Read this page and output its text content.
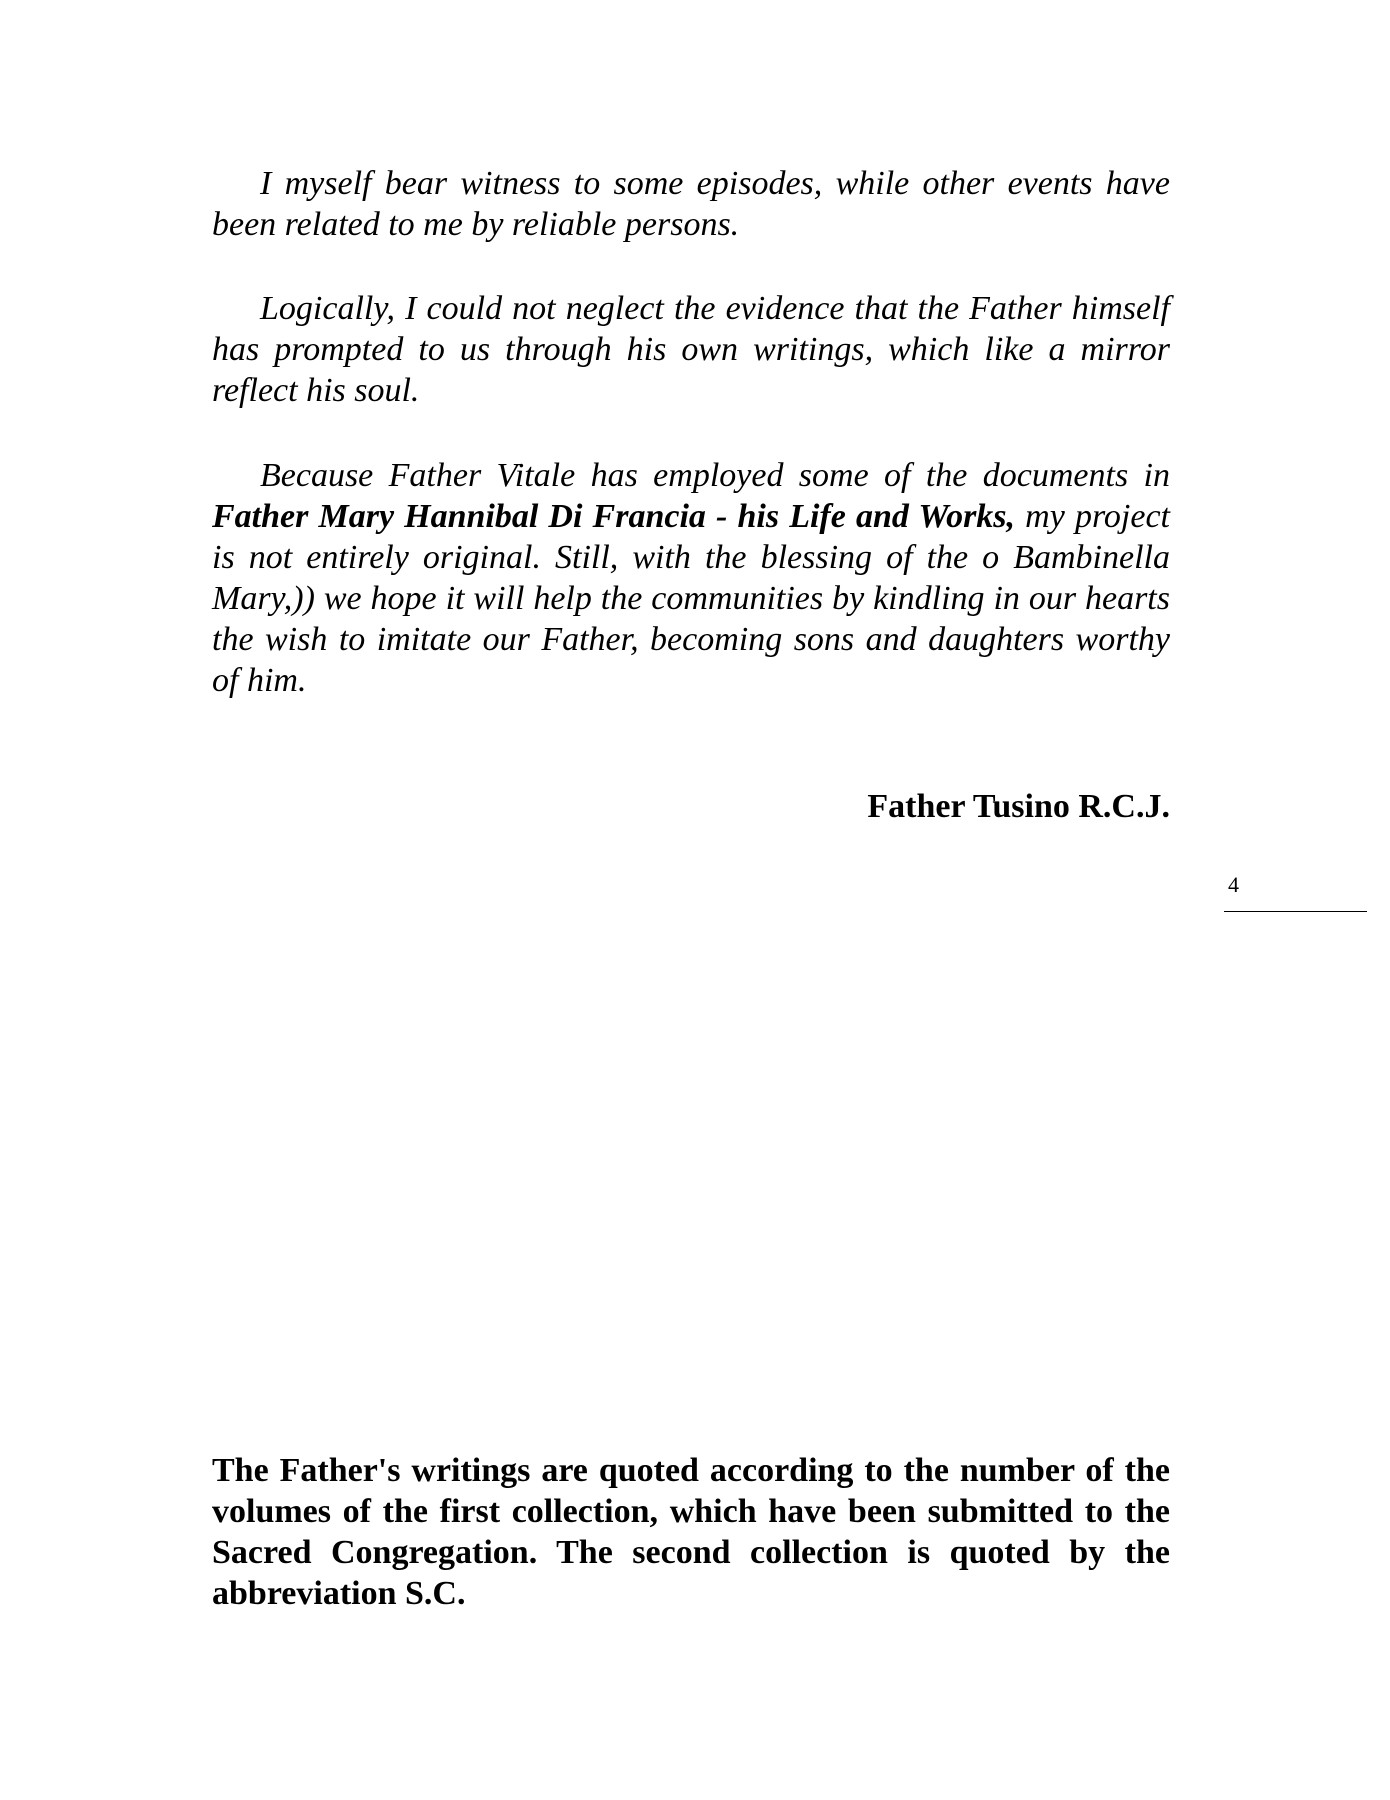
I myself bear witness to some episodes, while other events have been related to me by reliable persons.

Logically, I could not neglect the evidence that the Father himself has prompted to us through his own writings, which like a mirror reflect his soul.

Because Father Vitale has employed some of the documents in Father Mary Hannibal Di Francia - his Life and Works, my project is not entirely original. Still, with the blessing of the o Bambinella Mary,)) we hope it will help the communities by kindling in our hearts the wish to imitate our Father, becoming sons and daughters worthy of him.

Father Tusino R.C.J.

4

The Father's writings are quoted according to the number of the volumes of the first collection, which have been submitted to the Sacred Congregation. The second collection is quoted by the abbreviation S.C.
